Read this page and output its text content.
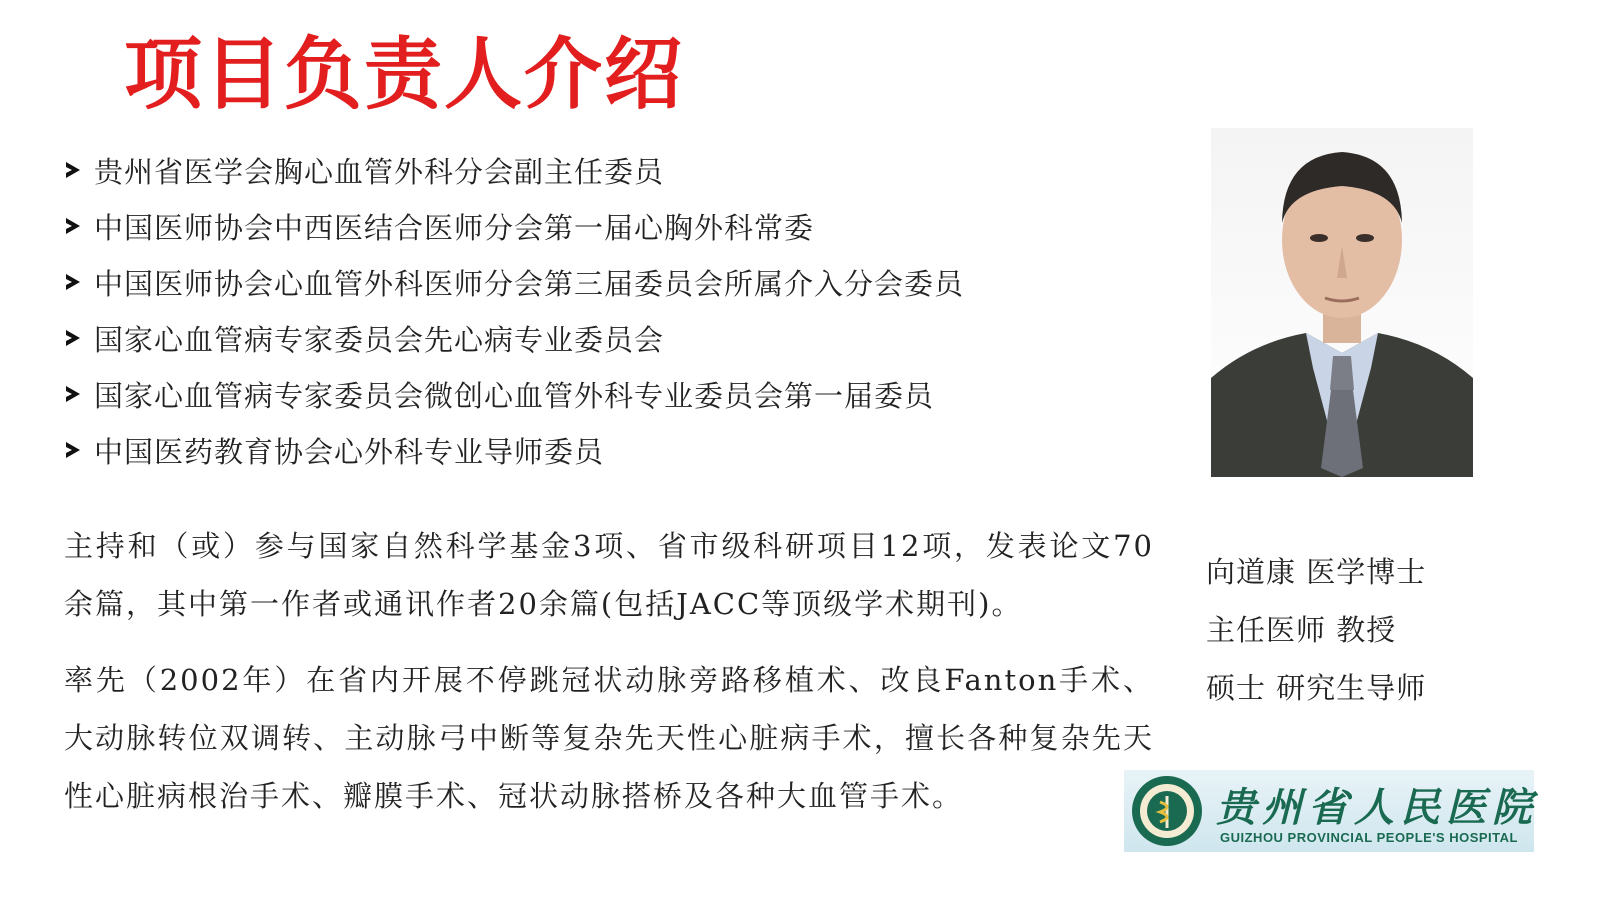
项目负责人介绍
贵州省医学会胸心血管外科分会副主任委员
中国医师协会中西医结合医师分会第一届心胸外科常委
中国医师协会心血管外科医师分会第三届委员会所属介入分会委员
国家心血管病专家委员会先心病专业委员会
国家心血管病专家委员会微创心血管外科专业委员会第一届委员
中国医药教育协会心外科专业导师委员

主持和（或）参与国家自然科学基金3项、省市级科研项目12项，发表论文70余篇，其中第一作者或通讯作者20余篇(包括JACC等顶级学术期刊)。

率先（2002年）在省内开展不停跳冠状动脉旁路移植术、改良Fanton手术、大动脉转位双调转、主动脉弓中断等复杂先天性心脏病手术，擅长各种复杂先天性心脏病根治手术、瓣膜手术、冠状动脉搭桥及各种大血管手术。

向道康 医学博士
主任医师 教授
硕士 研究生导师
贵州省人民医院
GUIZHOU PROVINCIAL PEOPLE'S HOSPITAL
